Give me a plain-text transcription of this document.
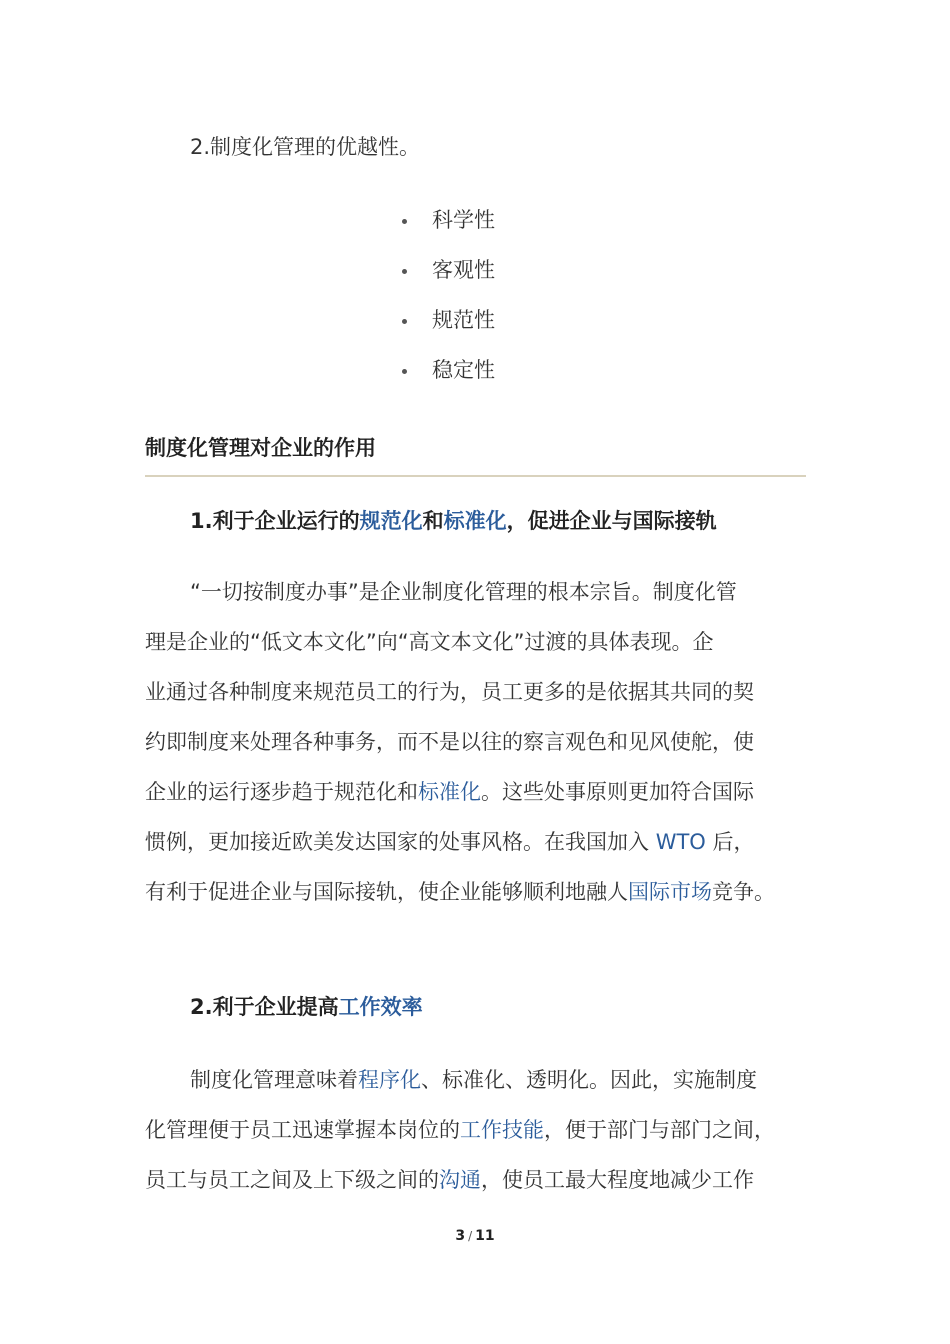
2.制度化管理的优越性。
科学性
客观性
规范性
稳定性
制度化管理对企业的作用
1.利于企业运行的规范化和标准化，促进企业与国际接轨
“一切按制度办事”是企业制度化管理的根本宗旨。制度化管
理是企业的“低文本文化”向“高文本文化”过渡的具体表现。企
业通过各种制度来规范员工的行为，员工更多的是依据其共同的契
约即制度来处理各种事务，而不是以往的察言观色和见风使舵，使
企业的运行逐步趋于规范化和标准化。这些处事原则更加符合国际
惯例，更加接近欧美发达国家的处事风格。在我国加入 WTO 后，
有利于促进企业与国际接轨，使企业能够顺利地融人国际市场竞争。
2.利于企业提高工作效率
制度化管理意味着程序化、标准化、透明化。因此，实施制度
化管理便于员工迅速掌握本岗位的工作技能，便于部门与部门之间，
员工与员工之间及上下级之间的沟通，使员工最大程度地减少工作
3 / 11
